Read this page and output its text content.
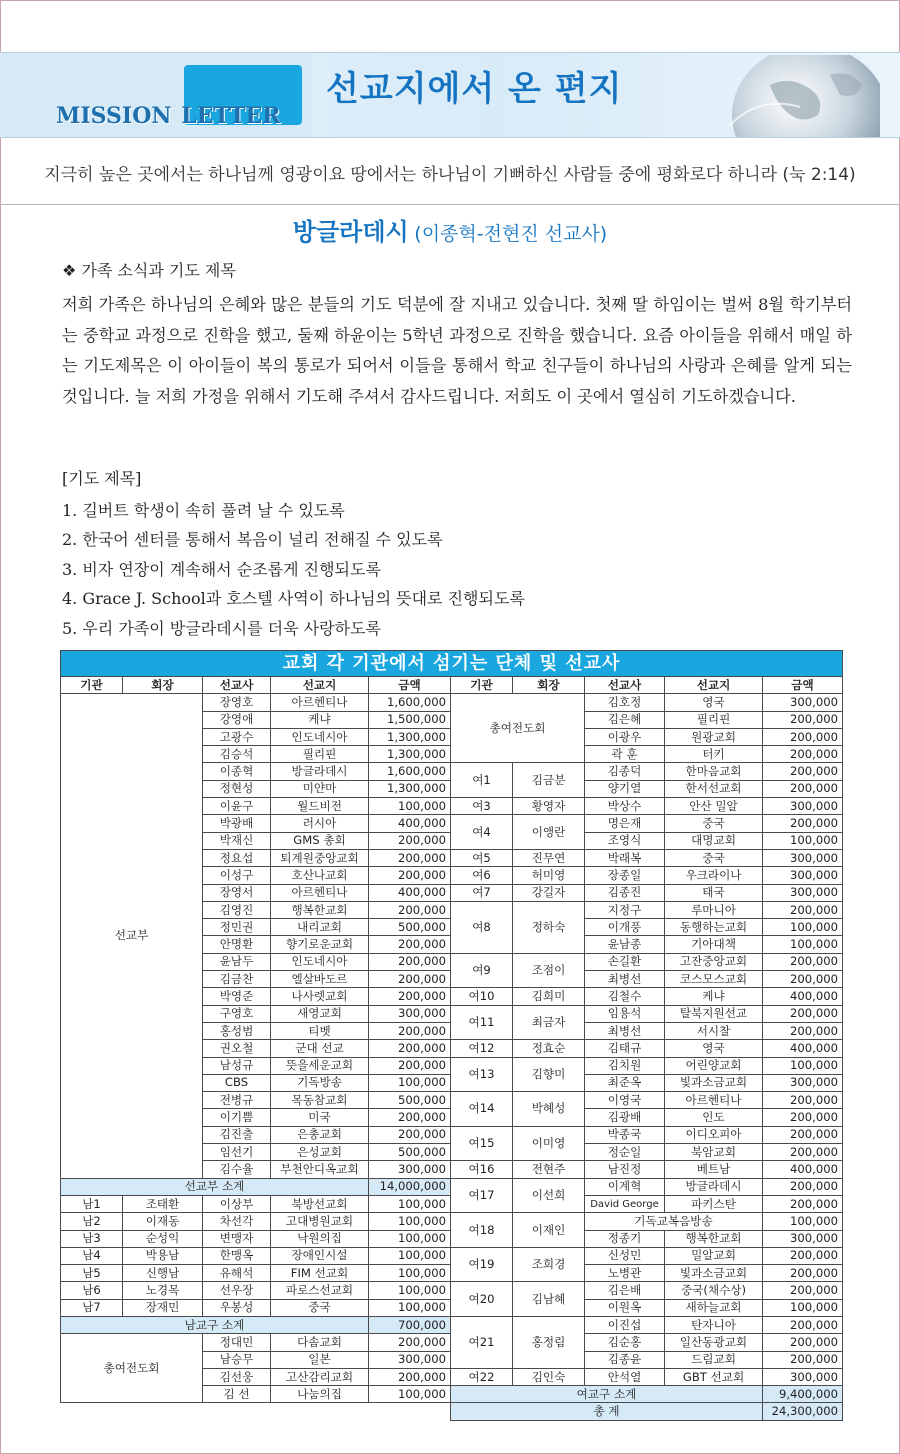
MISSION LETTER
선교지에서 온 편지
지극히 높은 곳에서는 하나님께 영광이요 땅에서는 하나님이 기뻐하신 사람들 중에 평화로다 하니라 (눅 2:14)
방글라데시 (이종혁-전현진 선교사)
❖ 가족 소식과 기도 제목
저희 가족은 하나님의 은혜와 많은 분들의 기도 덕분에 잘 지내고 있습니다. 첫째 딸 하임이는 벌써 8월 학기부터는 중학교 과정으로 진학을 했고, 둘째 하윤이는 5학년 과정으로 진학을 했습니다. 요즘 아이들을 위해서 매일 하는 기도제목은 이 아이들이 복의 통로가 되어서 이들을 통해서 학교 친구들이 하나님의 사랑과 은혜를 알게 되는 것입니다. 늘 저희 가정을 위해서 기도해 주셔서 감사드립니다. 저희도 이 곳에서 열심히 기도하겠습니다.
[기도 제목]
1. 길버트 학생이 속히 풀려 날 수 있도록
2. 한국어 센터를 통해서 복음이 널리 전해질 수 있도록
3. 비자 연장이 계속해서 순조롭게 진행되도록
4. Grace J. School과 호스텔 사역이 하나님의 뜻대로 진행되도록
5. 우리 가족이 방글라데시를 더욱 사랑하도록
교회 각 기관에서 섬기는 단체 및 선교사									
기관	회장	선교사	선교지	금액	기관	회장	선교사	선교지	금액
선교부		장영호	아르헨티나	1,600,000	총여전도회		김호정	영국	300,000
		강영애	케냐	1,500,000			김은혜	필리핀	200,000
		고광수	인도네시아	1,300,000			이광우	원광교회	200,000
		김승석	필리핀	1,300,000			곽 훈	터키	200,000
		이종혁	방글라데시	1,600,000	여1	김금분	김종덕	한마음교회	200,000
		정현성	미얀마	1,300,000			양기열	한서선교회	200,000
		이윤구	월드비전	100,000	여3	황영자	박상수	안산 밀알	300,000
		박광배	러시아	400,000	여4	이앵란	명은재	중국	200,000
		박재신	GMS 총회	200,000			조영식	대명교회	100,000
		정요섭	퇴계원중앙교회	200,000	여5	진무연	박래복	중국	300,000
		이성구	호산나교회	200,000	여6	허미영	장종일	우크라이나	300,000
		장영서	아르헨티나	400,000	여7	강길자	김종진	태국	300,000
		김영진	행복한교회	200,000	여8	정하숙	지정구	루마니아	200,000
		정민권	내리교회	500,000			이개풍	동행하는교회	100,000
		안명환	향기로운교회	200,000			윤남종	기아대책	100,000
		윤남두	인도네시아	200,000	여9	조점이	손길환	고잔중앙교회	200,000
		김금찬	엘살바도르	200,000			최병선	코스모스교회	200,000
		박영준	나사렛교회	200,000	여10	김희미	김철수	케냐	400,000
		구영호	새영교회	300,000	여11	최금자	임용석	탈북지원선교	200,000
		홍성범	티벳	200,000			최병선	서시찰	200,000
		권오철	군대 선교	200,000	여12	정효순	김태규	영국	400,000
		남성규	뜻을세운교회	200,000	여13	김향미	김치원	어린양교회	100,000
		CBS	기독방송	100,000			최준옥	빛과소금교회	300,000
		전병규	목동참교회	500,000	여14	박혜성	이영국	아르헨티나	200,000
		이기쁨	미국	200,000			김광배	인도	200,000
		김진출	은총교회	200,000	여15	이미영	박종국	이디오피아	200,000
		임선기	은성교회	500,000			정순일	북암교회	200,000
		김수율	부천안디옥교회	300,000	여16	전현주	남진정	베트남	400,000
선교부 소계				14,000,000	여17	이선희	이계혁	방글라데시	200,000
남1	조태환	이상부	북방선교회	100,000			David George	파키스탄	200,000
남2	이재동	차선각	고대병원교회	100,000	여18	이재인	기독교복음방송		100,000
남3	순성익	변맹자	낙원의집	100,000			정종기	행복한교회	300,000
남4	박용남	한맹옥	장애인시설	100,000	여19	조희경	신성민	밀알교회	200,000
남5	신행남	유해석	FIM 선교회	100,000			노병관	빛과소금교회	200,000
남6	노경목	선우장	파로스선교회	100,000	여20	김남혜	김은배	중국(채수상)	200,000
남7	장재민	우봉성	중국	100,000			이원옥	새하늘교회	100,000
남교구 소계				700,000	여21	홍정림	이진섭	탄자니아	200,000
총여전도회		정대민	다솜교회	200,000			김순홍	일산동광교회	200,000
		남승무	일본	300,000			김종윤	드림교회	200,000
		김선웅	고산감리교회	200,000	여22	김인숙	안석열	GBT 선교회	300,000
		김 선	나눔의집	100,000	여교구 소계				9,400,000
					총 계				24,300,000
